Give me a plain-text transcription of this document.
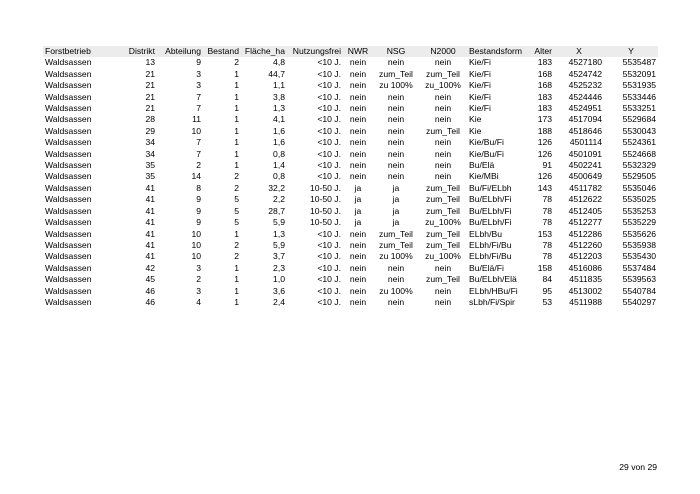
Forstbetrieb	Distrikt	Abteilung	Bestand	Fläche_ha	Nutzungsfrei	NWR	NSG	N2000	Bestandsform	Alter	X	Y
Waldsassen	13	9	2	4,8	<10 J.	nein	nein	nein	Kie/Fi	183	4527180	5535487
Waldsassen	21	3	1	44,7	<10 J.	nein	zum_Teil	zum_Teil	Kie/Fi	168	4524742	5532091
Waldsassen	21	3	1	1,1	<10 J.	nein	zu 100%	zu_100%	Kie/Fi	168	4525232	5531935
Waldsassen	21	7	1	3,8	<10 J.	nein	nein	nein	Kie/Fi	183	4524446	5533446
Waldsassen	21	7	1	1,3	<10 J.	nein	nein	nein	Kie/Fi	183	4524951	5533251
Waldsassen	28	11	1	4,1	<10 J.	nein	nein	nein	Kie	173	4517094	5529684
Waldsassen	29	10	1	1,6	<10 J.	nein	nein	zum_Teil	Kie	188	4518646	5530043
Waldsassen	34	7	1	1,6	<10 J.	nein	nein	nein	Kie/Bu/Fi	126	4501114	5524361
Waldsassen	34	7	1	0,8	<10 J.	nein	nein	nein	Kie/Bu/Fi	126	4501091	5524668
Waldsassen	35	2	1	1,4	<10 J.	nein	nein	nein	Bu/Elä	91	4502241	5532329
Waldsassen	35	14	2	0,8	<10 J.	nein	nein	nein	Kie/MBi	126	4500649	5529505
Waldsassen	41	8	2	32,2	10-50 J.	ja	ja	zum_Teil	Bu/Fi/ELbh	143	4511782	5535046
Waldsassen	41	9	5	2,2	10-50 J.	ja	ja	zum_Teil	Bu/ELbh/Fi	78	4512622	5535025
Waldsassen	41	9	5	28,7	10-50 J.	ja	ja	zum_Teil	Bu/ELbh/Fi	78	4512405	5535253
Waldsassen	41	9	5	5,9	10-50 J.	ja	ja	zu_100%	Bu/ELbh/Fi	78	4512277	5535229
Waldsassen	41	10	1	1,3	<10 J.	nein	zum_Teil	zum_Teil	ELbh/Bu	153	4512286	5535626
Waldsassen	41	10	2	5,9	<10 J.	nein	zum_Teil	zum_Teil	ELbh/Fi/Bu	78	4512260	5535938
Waldsassen	41	10	2	3,7	<10 J.	nein	zu 100%	zu_100%	ELbh/Fi/Bu	78	4512203	5535430
Waldsassen	42	3	1	2,3	<10 J.	nein	nein	nein	Bu/Elä/Fi	158	4516086	5537484
Waldsassen	45	2	1	1,0	<10 J.	nein	nein	zum_Teil	Bu/ELbh/Elä	84	4511835	5539563
Waldsassen	46	3	1	3,6	<10 J.	nein	zu 100%	nein	ELbh/HBu/Fi	95	4513002	5540784
Waldsassen	46	4	1	2,4	<10 J.	nein	nein	nein	sLbh/Fi/Spir	53	4511988	5540297
29 von 29
